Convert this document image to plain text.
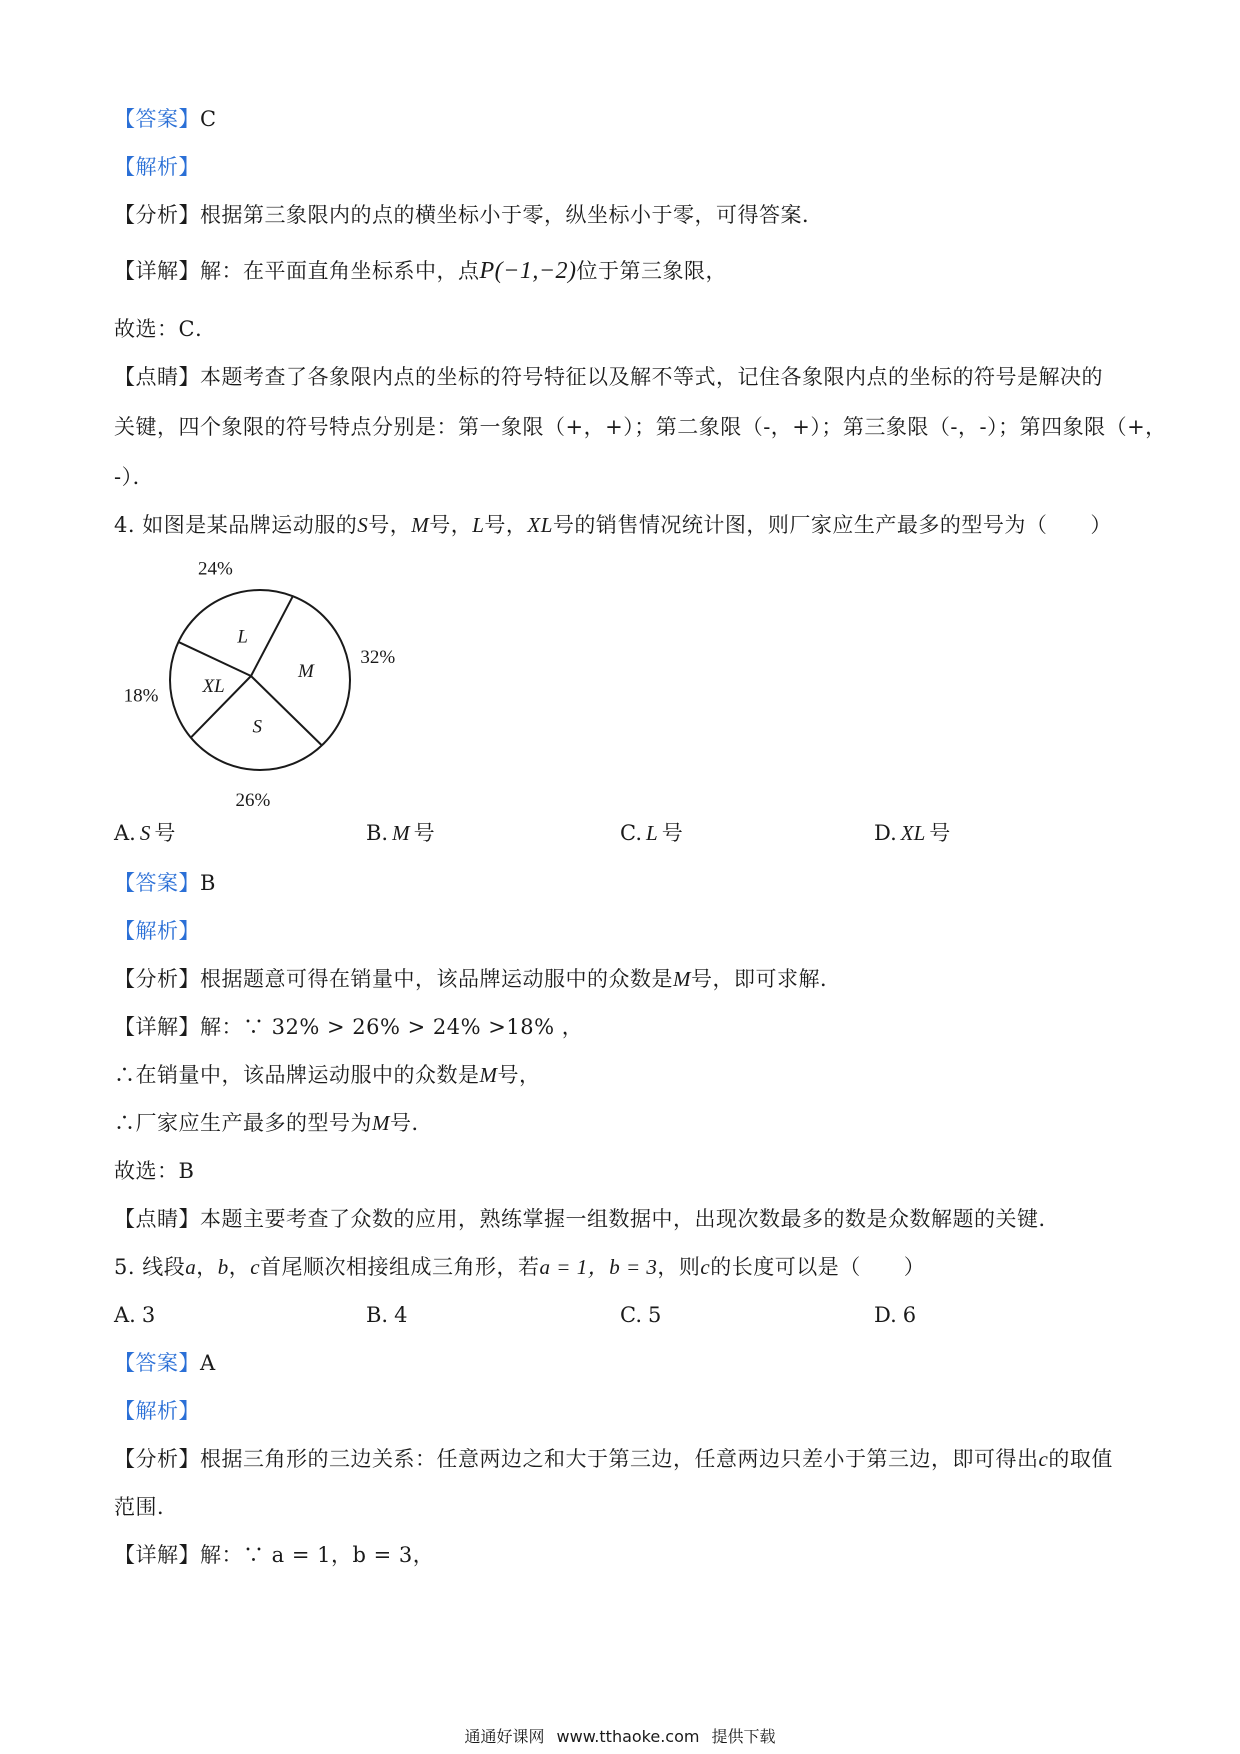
【答案】C
【解析】
【分析】根据第三象限内的点的横坐标小于零，纵坐标小于零，可得答案．
【详解】解：在平面直角坐标系中，点P(−1,−2)位于第三象限，
故选：C．
【点睛】本题考查了各象限内点的坐标的符号特征以及解不等式，记住各象限内点的坐标的符号是解决的
关键，四个象限的符号特点分别是：第一象限（+，+）；第二象限（-，+）；第三象限（-，-）；第四象限（+，
-）．
4. 如图是某品牌运动服的S号，M号，L号，XL号的销售情况统计图，则厂家应生产最多的型号为（　　）
L
24%
M
32%
S
26%
XL
18%
A. S 号	B. M 号	C. L 号	D. XL 号
【答案】B
【解析】
【分析】根据题意可得在销量中，该品牌运动服中的众数是M号，即可求解．
【详解】解：∵ 32% > 26% > 24% >18% ，
∴在销量中，该品牌运动服中的众数是M号，
∴厂家应生产最多的型号为M号．
故选：B
【点睛】本题主要考查了众数的应用，熟练掌握一组数据中，出现次数最多的数是众数解题的关键．
5. 线段a，b，c首尾顺次相接组成三角形，若a = 1，b = 3，则c的长度可以是（　　）
A. 3	B. 4	C. 5	D. 6
【答案】A
【解析】
【分析】根据三角形的三边关系：任意两边之和大于第三边，任意两边只差小于第三边，即可得出c的取值
范围．
【详解】解：∵ a = 1，b = 3，
通通好课网 www.tthaoke.com 提供下载
